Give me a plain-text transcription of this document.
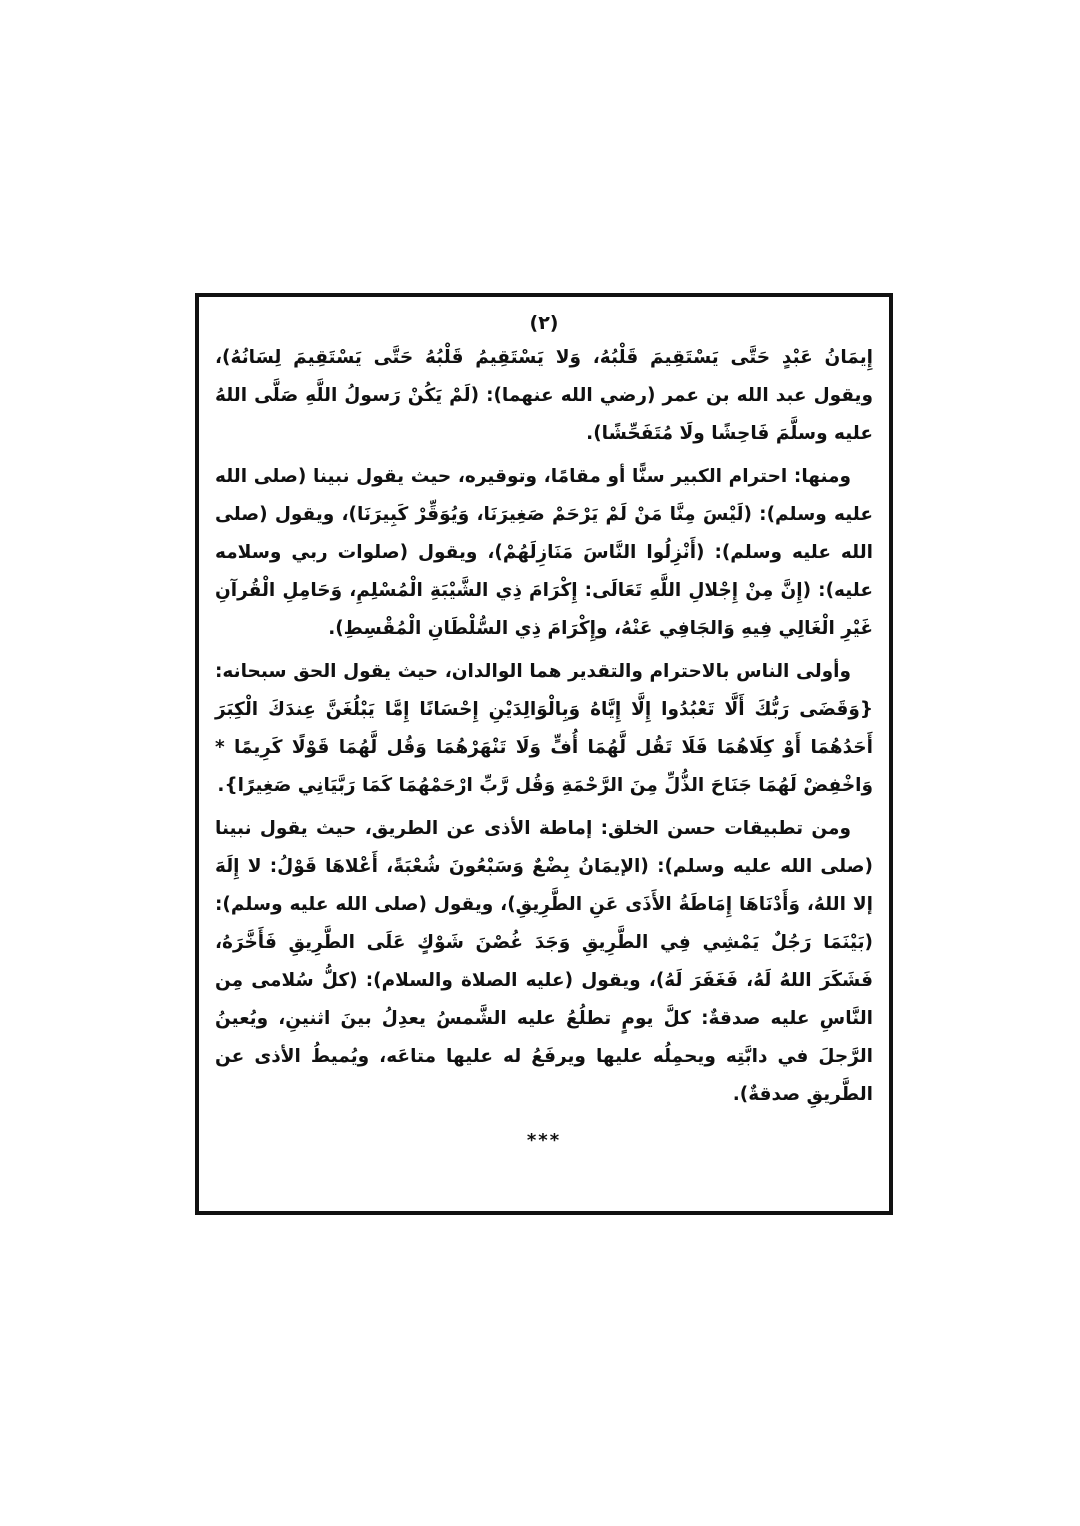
(٢)

إِيمَانُ عَبْدٍ حَتَّى يَسْتَقِيمَ قَلْبُهُ، وَلا يَسْتَقِيمُ قَلْبُهُ حَتَّى يَسْتَقِيمَ لِسَانُهُ)، ويقول عبد الله بن عمر (رضي الله عنهما): (لَمْ يَكُنْ رَسولُ اللَّهِ صَلَّى اللهُ عليه وسلَّمَ فَاحِشًا ولَا مُتَفَحِّشًا).

ومنها: احترام الكبير سنًّا أو مقامًا، وتوقيره، حيث يقول نبينا (صلى الله عليه وسلم): (لَيْسَ مِنَّا مَنْ لَمْ يَرْحَمْ صَغِيرَنَا، وَيُوَقِّرْ كَبِيرَنَا)، ويقول (صلى الله عليه وسلم): (أَنْزِلُوا النَّاسَ مَنَازِلَهُمْ)، ويقول (صلوات ربي وسلامه عليه): (إِنَّ مِنْ إِجْلالِ اللَّهِ تَعَالَى: إِكْرَامَ ذِي الشَّيْبَةِ الْمُسْلِمِ، وَحَامِلِ الْقُرآنِ غَيْرِ الْغَالِي فِيهِ وَالجَافِي عَنْهُ، وإِكْرَامَ ذِي السُّلْطَانِ الْمُقْسِطِ).

وأولى الناس بالاحترام والتقدير هما الوالدان، حيث يقول الحق سبحانه: {وَقَضَى رَبُّكَ أَلَّا تَعْبُدُوا إِلَّا إِيَّاهُ وَبِالْوَالِدَيْنِ إِحْسَانًا إِمَّا يَبْلُغَنَّ عِندَكَ الْكِبَرَ أَحَدُهُمَا أَوْ كِلَاهُمَا فَلَا تَقُل لَّهُمَا أُفٍّ وَلَا تَنْهَرْهُمَا وَقُل لَّهُمَا قَوْلًا كَرِيمًا * وَاخْفِضْ لَهُمَا جَنَاحَ الذُّلِّ مِنَ الرَّحْمَةِ وَقُل رَّبِّ ارْحَمْهُمَا كَمَا رَبَّيَانِي صَغِيرًا}.

ومن تطبيقات حسن الخلق: إماطة الأذى عن الطريق، حيث يقول نبينا (صلى الله عليه وسلم): (الإيمَانُ بِضْعٌ وَسَبْعُونَ شُعْبَةً، أَعْلاهَا قَوْلُ: لا إِلَهَ إلا اللهُ، وَأَدْنَاهَا إِمَاطَةُ الأَذَى عَنِ الطَّرِيقِ)، ويقول (صلى الله عليه وسلم): (بَيْنَمَا رَجُلٌ يَمْشِي فِي الطَّرِيقِ وَجَدَ غُصْنَ شَوْكٍ عَلَى الطَّرِيقِ فَأَخَّرَهُ، فَشَكَرَ اللهُ لَهُ، فَغَفَرَ لَهُ)، ويقول (عليه الصلاة والسلام): (كلُّ سُلامى مِن النَّاسِ عليه صدقةٌ: كلَّ يومٍ تطلُعُ عليه الشَّمسُ يعدِلُ بينَ اثنينِ، ويُعينُ الرَّجلَ في دابَّتِه ويحمِلُه عليها ويرفَعُ له عليها متاعَه، ويُميطُ الأذى عن الطَّريقِ صدقةٌ).

***
